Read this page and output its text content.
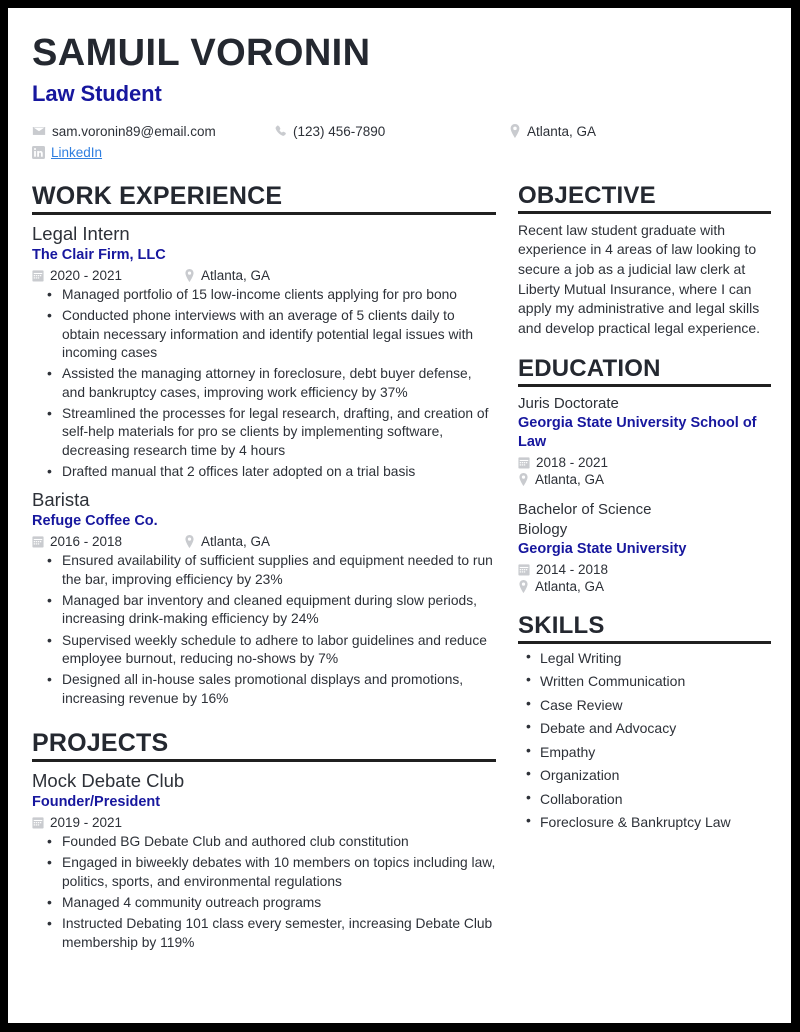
SAMUIL VORONIN
Law Student
sam.voronin89@email.com	(123) 456-7890	Atlanta, GA
LinkedIn
WORK EXPERIENCE
Legal Intern
The Clair Firm, LLC
2020 - 2021	Atlanta, GA
• Managed portfolio of 15 low-income clients applying for pro bono
• Conducted phone interviews with an average of 5 clients daily to obtain necessary information and identify potential legal issues with incoming cases
• Assisted the managing attorney in foreclosure, debt buyer defense, and bankruptcy cases, improving work efficiency by 37%
• Streamlined the processes for legal research, drafting, and creation of self-help materials for pro se clients by implementing software, decreasing research time by 4 hours
• Drafted manual that 2 offices later adopted on a trial basis
Barista
Refuge Coffee Co.
2016 - 2018	Atlanta, GA
• Ensured availability of sufficient supplies and equipment needed to run the bar, improving efficiency by 23%
• Managed bar inventory and cleaned equipment during slow periods, increasing drink-making efficiency by 24%
• Supervised weekly schedule to adhere to labor guidelines and reduce employee burnout, reducing no-shows by 7%
• Designed all in-house sales promotional displays and promotions, increasing revenue by 16%
PROJECTS
Mock Debate Club
Founder/President
2019 - 2021
• Founded BG Debate Club and authored club constitution
• Engaged in biweekly debates with 10 members on topics including law, politics, sports, and environmental regulations
• Managed 4 community outreach programs
• Instructed Debating 101 class every semester, increasing Debate Club membership by 119%
OBJECTIVE
Recent law student graduate with experience in 4 areas of law looking to secure a job as a judicial law clerk at Liberty Mutual Insurance, where I can apply my administrative and legal skills and develop practical legal experience.
EDUCATION
Juris Doctorate
Georgia State University School of Law
2018 - 2021
Atlanta, GA
Bachelor of Science
Biology
Georgia State University
2014 - 2018
Atlanta, GA
SKILLS
• Legal Writing
• Written Communication
• Case Review
• Debate and Advocacy
• Empathy
• Organization
• Collaboration
• Foreclosure & Bankruptcy Law
